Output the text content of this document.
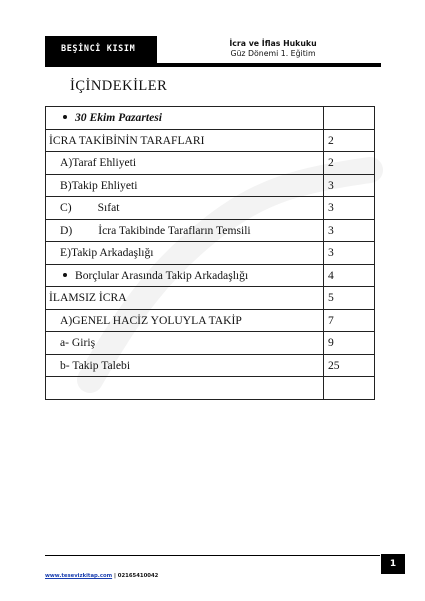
BEŞİNCİ KISIM
İcra ve İflas Hukuku
Güz Dönemi 1. Eğitim
İÇİNDEKİLER
30 Ekim Pazartesi	
İCRA TAKİBİNİN TARAFLARI	2
A)Taraf Ehliyeti	2
B)Takip Ehliyeti	3
C) Sıfat	3
D) İcra Takibinde Tarafların Temsili	3
E)Takip Arkadaşlığı	3
Borçlular Arasında Takip Arkadaşlığı	4
İLAMSIZ İCRA	5
A)GENEL HACİZ YOLUYLA TAKİP	7
a- Giriş	9
b- Takip Talebi	25

1
www.tesevizkitap.com | 02165410042
